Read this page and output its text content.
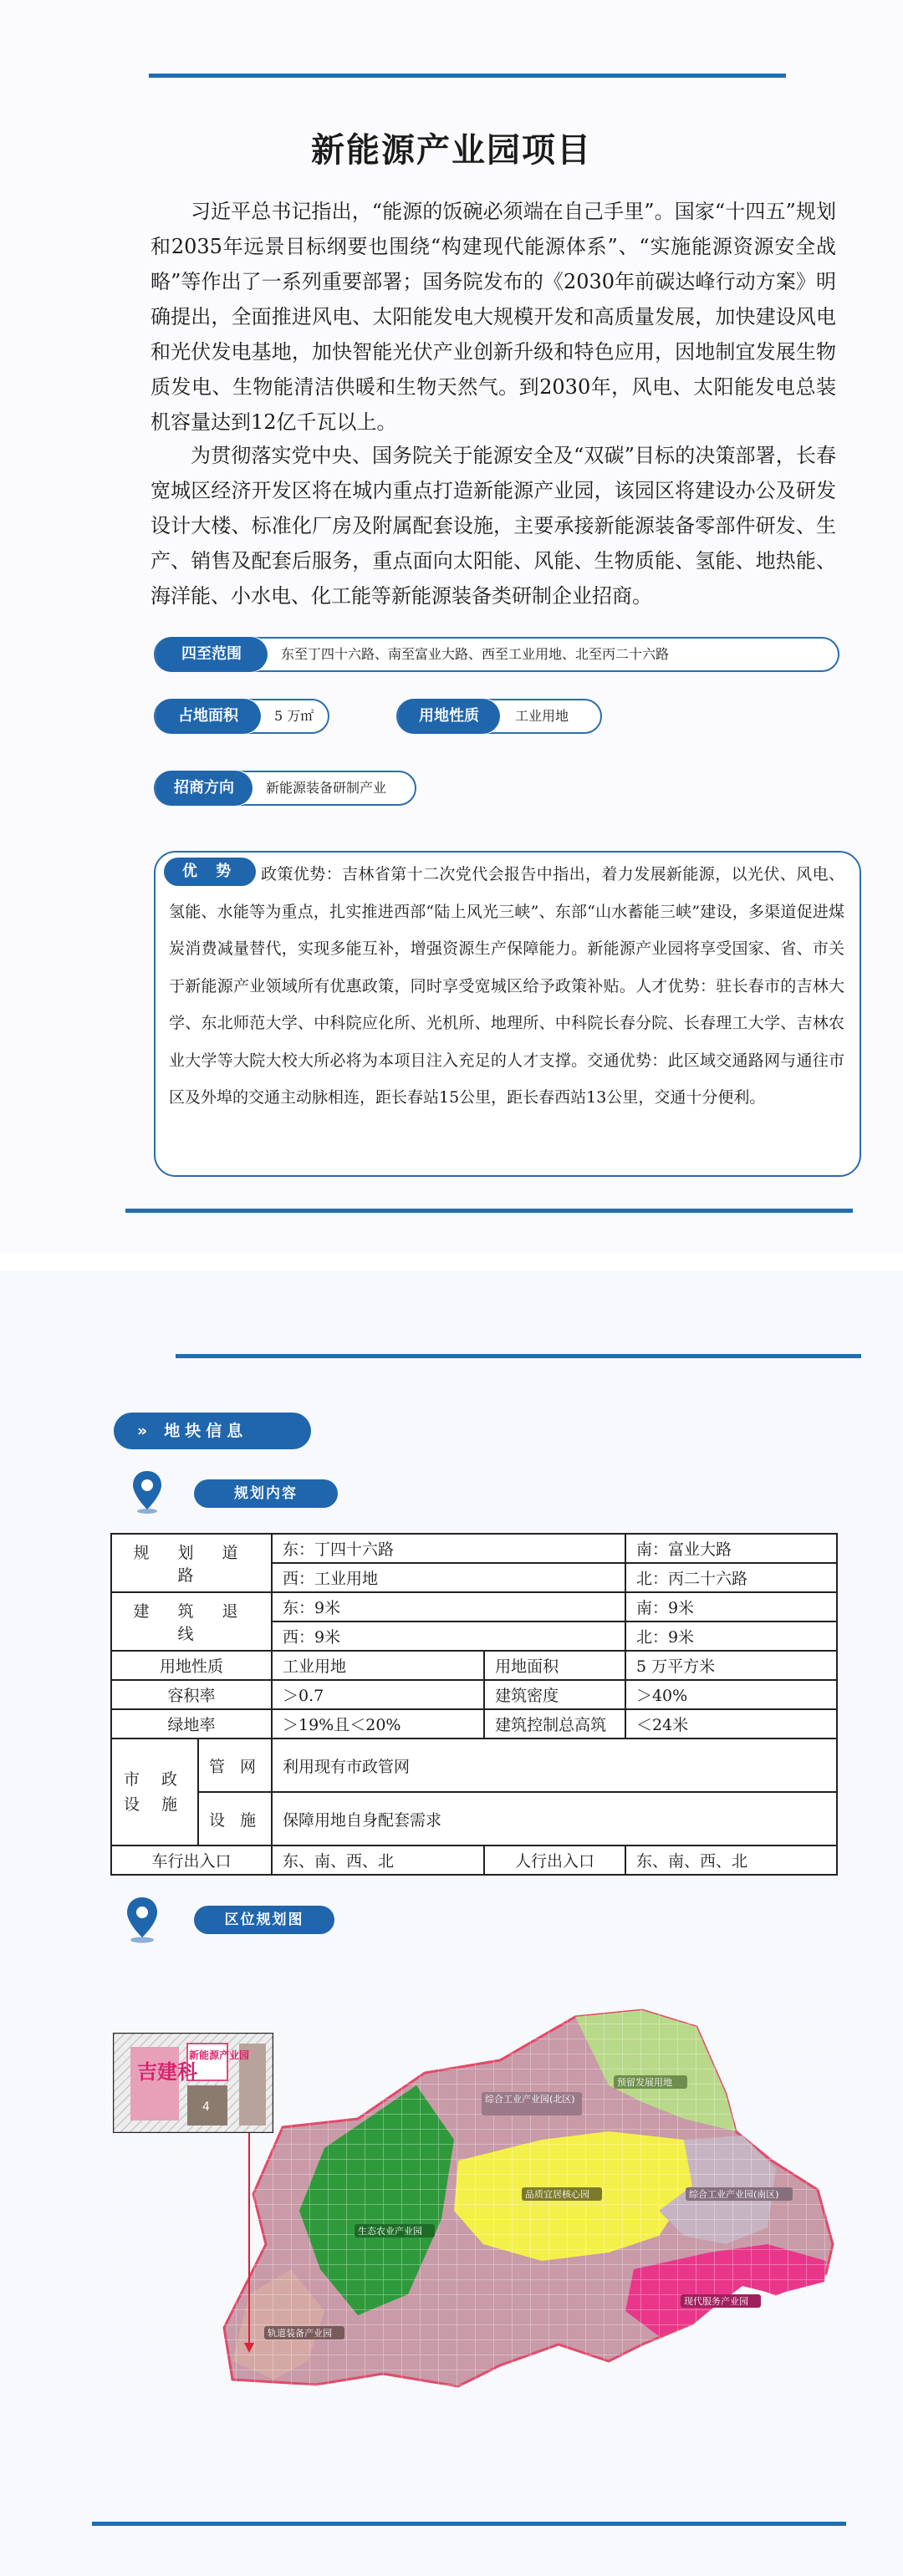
新能源产业园项目
习近平总书记指出，“能源的饭碗必须端在自己手里”。国家“十四五”规划和2035年远景目标纲要也围绕“构建现代能源体系”、“实施能源资源安全战略”等作出了一系列重要部署；国务院发布的《2030年前碳达峰行动方案》明确提出，全面推进风电、太阳能发电大规模开发和高质量发展，加快建设风电和光伏发电基地，加快智能光伏产业创新升级和特色应用，因地制宜发展生物质发电、生物能清洁供暖和生物天然气。到2030年，风电、太阳能发电总装机容量达到12亿千瓦以上。
为贯彻落实党中央、国务院关于能源安全及“双碳”目标的决策部署，长春宽城区经济开发区将在城内重点打造新能源产业园，该园区将建设办公及研发设计大楼、标准化厂房及附属配套设施，主要承接新能源装备零部件研发、生产、销售及配套后服务，重点面向太阳能、风能、生物质能、氢能、地热能、海洋能、小水电、化工能等新能源装备类研制企业招商。
四至范围	东至丁四十六路、南至富业大路、西至工业用地、北至丙二十六路
占地面积	5 万㎡	用地性质	工业用地
招商方向	新能源装备研制产业
优 势	政策优势：吉林省第十二次党代会报告中指出，着力发展新能源，以光伏、风电、氢能、水能等为重点，扎实推进西部“陆上风光三峡”、东部“山水蓄能三峡”建设，多渠道促进煤炭消费减量替代，实现多能互补，增强资源生产保障能力。新能源产业园将享受国家、省、市关于新能源产业领域所有优惠政策，同时享受宽城区给予政策补贴。人才优势：驻长春市的吉林大学、东北师范大学、中科院应化所、光机所、地理所、中科院长春分院、长春理工大学、吉林农业大学等大院大校大所必将为本项目注入充足的人才支撑。交通优势：此区域交通路网与通往市区及外埠的交通主动脉相连，距长春站15公里，距长春西站13公里，交通十分便利。
» 地块信息
规划内容
规 划 道 路		东：丁四十六路		南：富业大路
		西：工业用地		北：丙二十六路
建 筑 退 线		东：9米		南：9米
		西：9米		北：9米
用地性质		工业用地	用地面积	5 万平方米
容积率		＞0.7	建筑密度	＞40%
绿地率		＞19%且＜20%	建筑控制总高筑	＜24米
市 政 设 施	管 网	利用现有市政管网		
	设 施	保障用地自身配套需求		
车行出入口		东、南、西、北	人行出入口	东、南、西、北
区位规划图
吉建科
新能源产业园
4
综合工业产业园(北区)
预留发展用地
品质宜居核心园	综合工业产业园(南区)
生态农业产业园
轨道装备产业园
现代服务产业园
